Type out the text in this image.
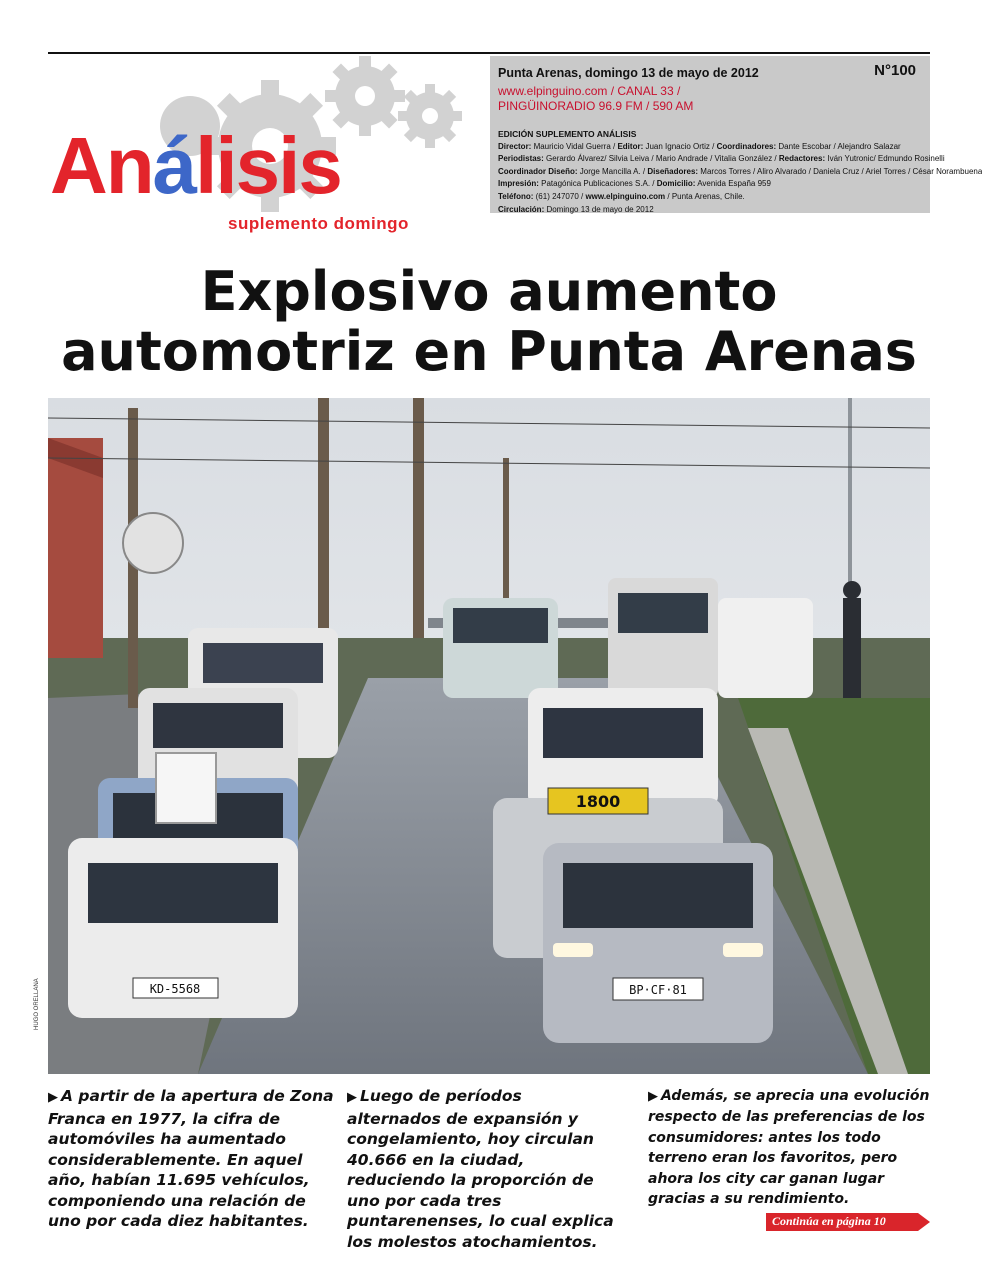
Punta Arenas, domingo 13 de mayo de 2012	N°100
www.elpinguino.com / CANAL 33 /
PINGÜINORADIO 96.9 FM / 590 AM
EDICIÓN SUPLEMENTO ANÁLISIS
Director: Mauricio Vidal Guerra / Editor: Juan Ignacio Ortiz / Coordinadores: Dante Escobar / Alejandro Salazar
Periodistas: Gerardo Álvarez/ Silvia Leiva / Mario Andrade / Vitalia González / Redactores: Iván Yutronic/ Edmundo Rosinelli
Coordinador Diseño: Jorge Mancilla A. / Diseñadores: Marcos Torres / Aliro Alvarado / Daniela Cruz / Ariel Torres / César Norambuena
Impresión: Patagónica Publicaciones S.A. / Domicilio: Avenida España 959
Teléfono: (61) 247070 / www.elpinguino.com / Punta Arenas, Chile.
Circulación: Domingo 13 de mayo de 2012
Análisis
suplemento domingo
Explosivo aumento
automotriz en Punta Arenas
KD-5568
1800
BP·CF·81
HUGO ORELLANA
▶ A partir de la apertura de Zona Franca en 1977, la cifra de automóviles ha aumentado considerablemente. En aquel año, habían 11.695 vehículos, componiendo una relación de uno por cada diez habitantes.
▶ Luego de períodos alternados de expansión y congelamiento, hoy circulan 40.666 en la ciudad, reduciendo la proporción de uno por cada tres puntarenenses, lo cual explica los molestos atochamientos.
▶ Además, se aprecia una evolución respecto de las preferencias de los consumidores: antes los todo terreno eran los favoritos, pero ahora los city car ganan lugar gracias a su rendimiento.
Continúa en página 10
